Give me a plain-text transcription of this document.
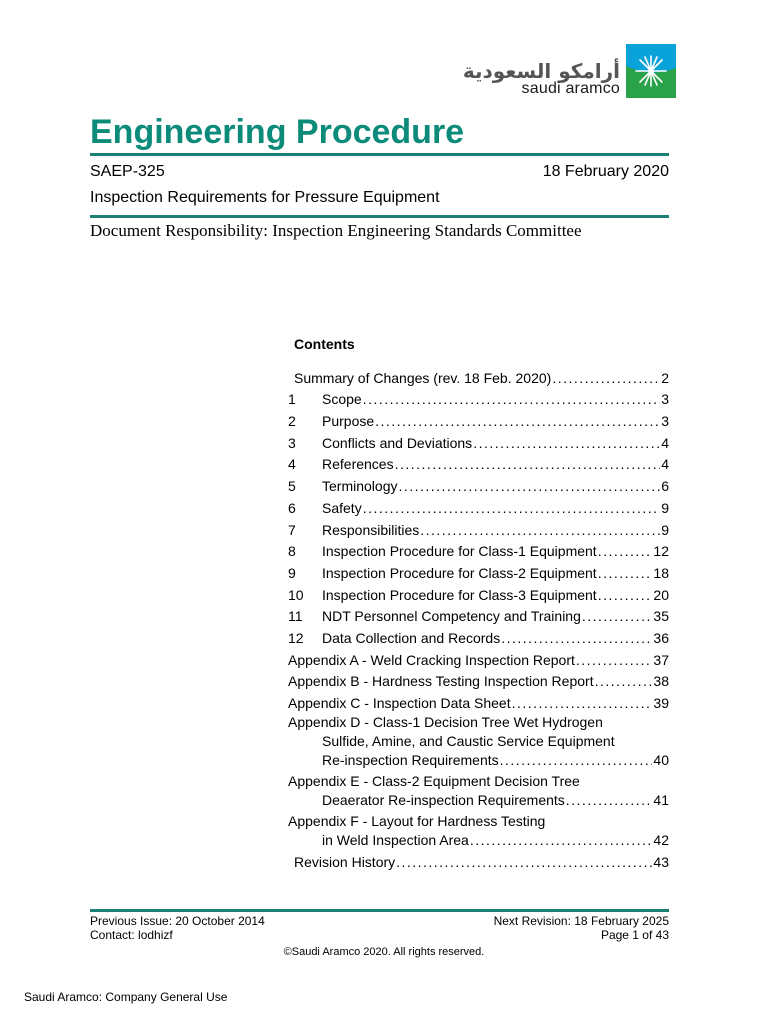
أرامكو السعودية
saudi aramco
Engineering Procedure
SAEP-325	18 February 2020
Inspection Requirements for Pressure Equipment
Document Responsibility: Inspection Engineering Standards Committee
Contents
Summary of Changes (rev. 18 Feb. 2020) . . .	2
1	Scope . . .	3
2	Purpose . . .	3
3	Conflicts and Deviations . . .	4
4	References . . .	4
5	Terminology . . .	6
6	Safety . . .	9
7	Responsibilities . . .	9
8	Inspection Procedure for Class-1 Equipment . . .	12
9	Inspection Procedure for Class-2 Equipment . . .	18
10	Inspection Procedure for Class-3 Equipment . . .	20
11	NDT Personnel Competency and Training . . .	35
12	Data Collection and Records . . .	36
Appendix A - Weld Cracking Inspection Report . . .	37
Appendix B - Hardness Testing Inspection Report . . .	38
Appendix C - Inspection Data Sheet . . .	39
Appendix D - Class-1 Decision Tree Wet Hydrogen
Sulfide, Amine, and Caustic Service Equipment
Re-inspection Requirements . . .	40
Appendix E - Class-2 Equipment Decision Tree
Deaerator Re-inspection Requirements . . .	41
Appendix F - Layout for Hardness Testing
in Weld Inspection Area . . .	42
Revision History . . .	43
Previous Issue: 20 October 2014
Contact: lodhizf
Next Revision: 18 February 2025
Page 1 of 43
©Saudi Aramco 2020. All rights reserved.
Saudi Aramco: Company General Use
